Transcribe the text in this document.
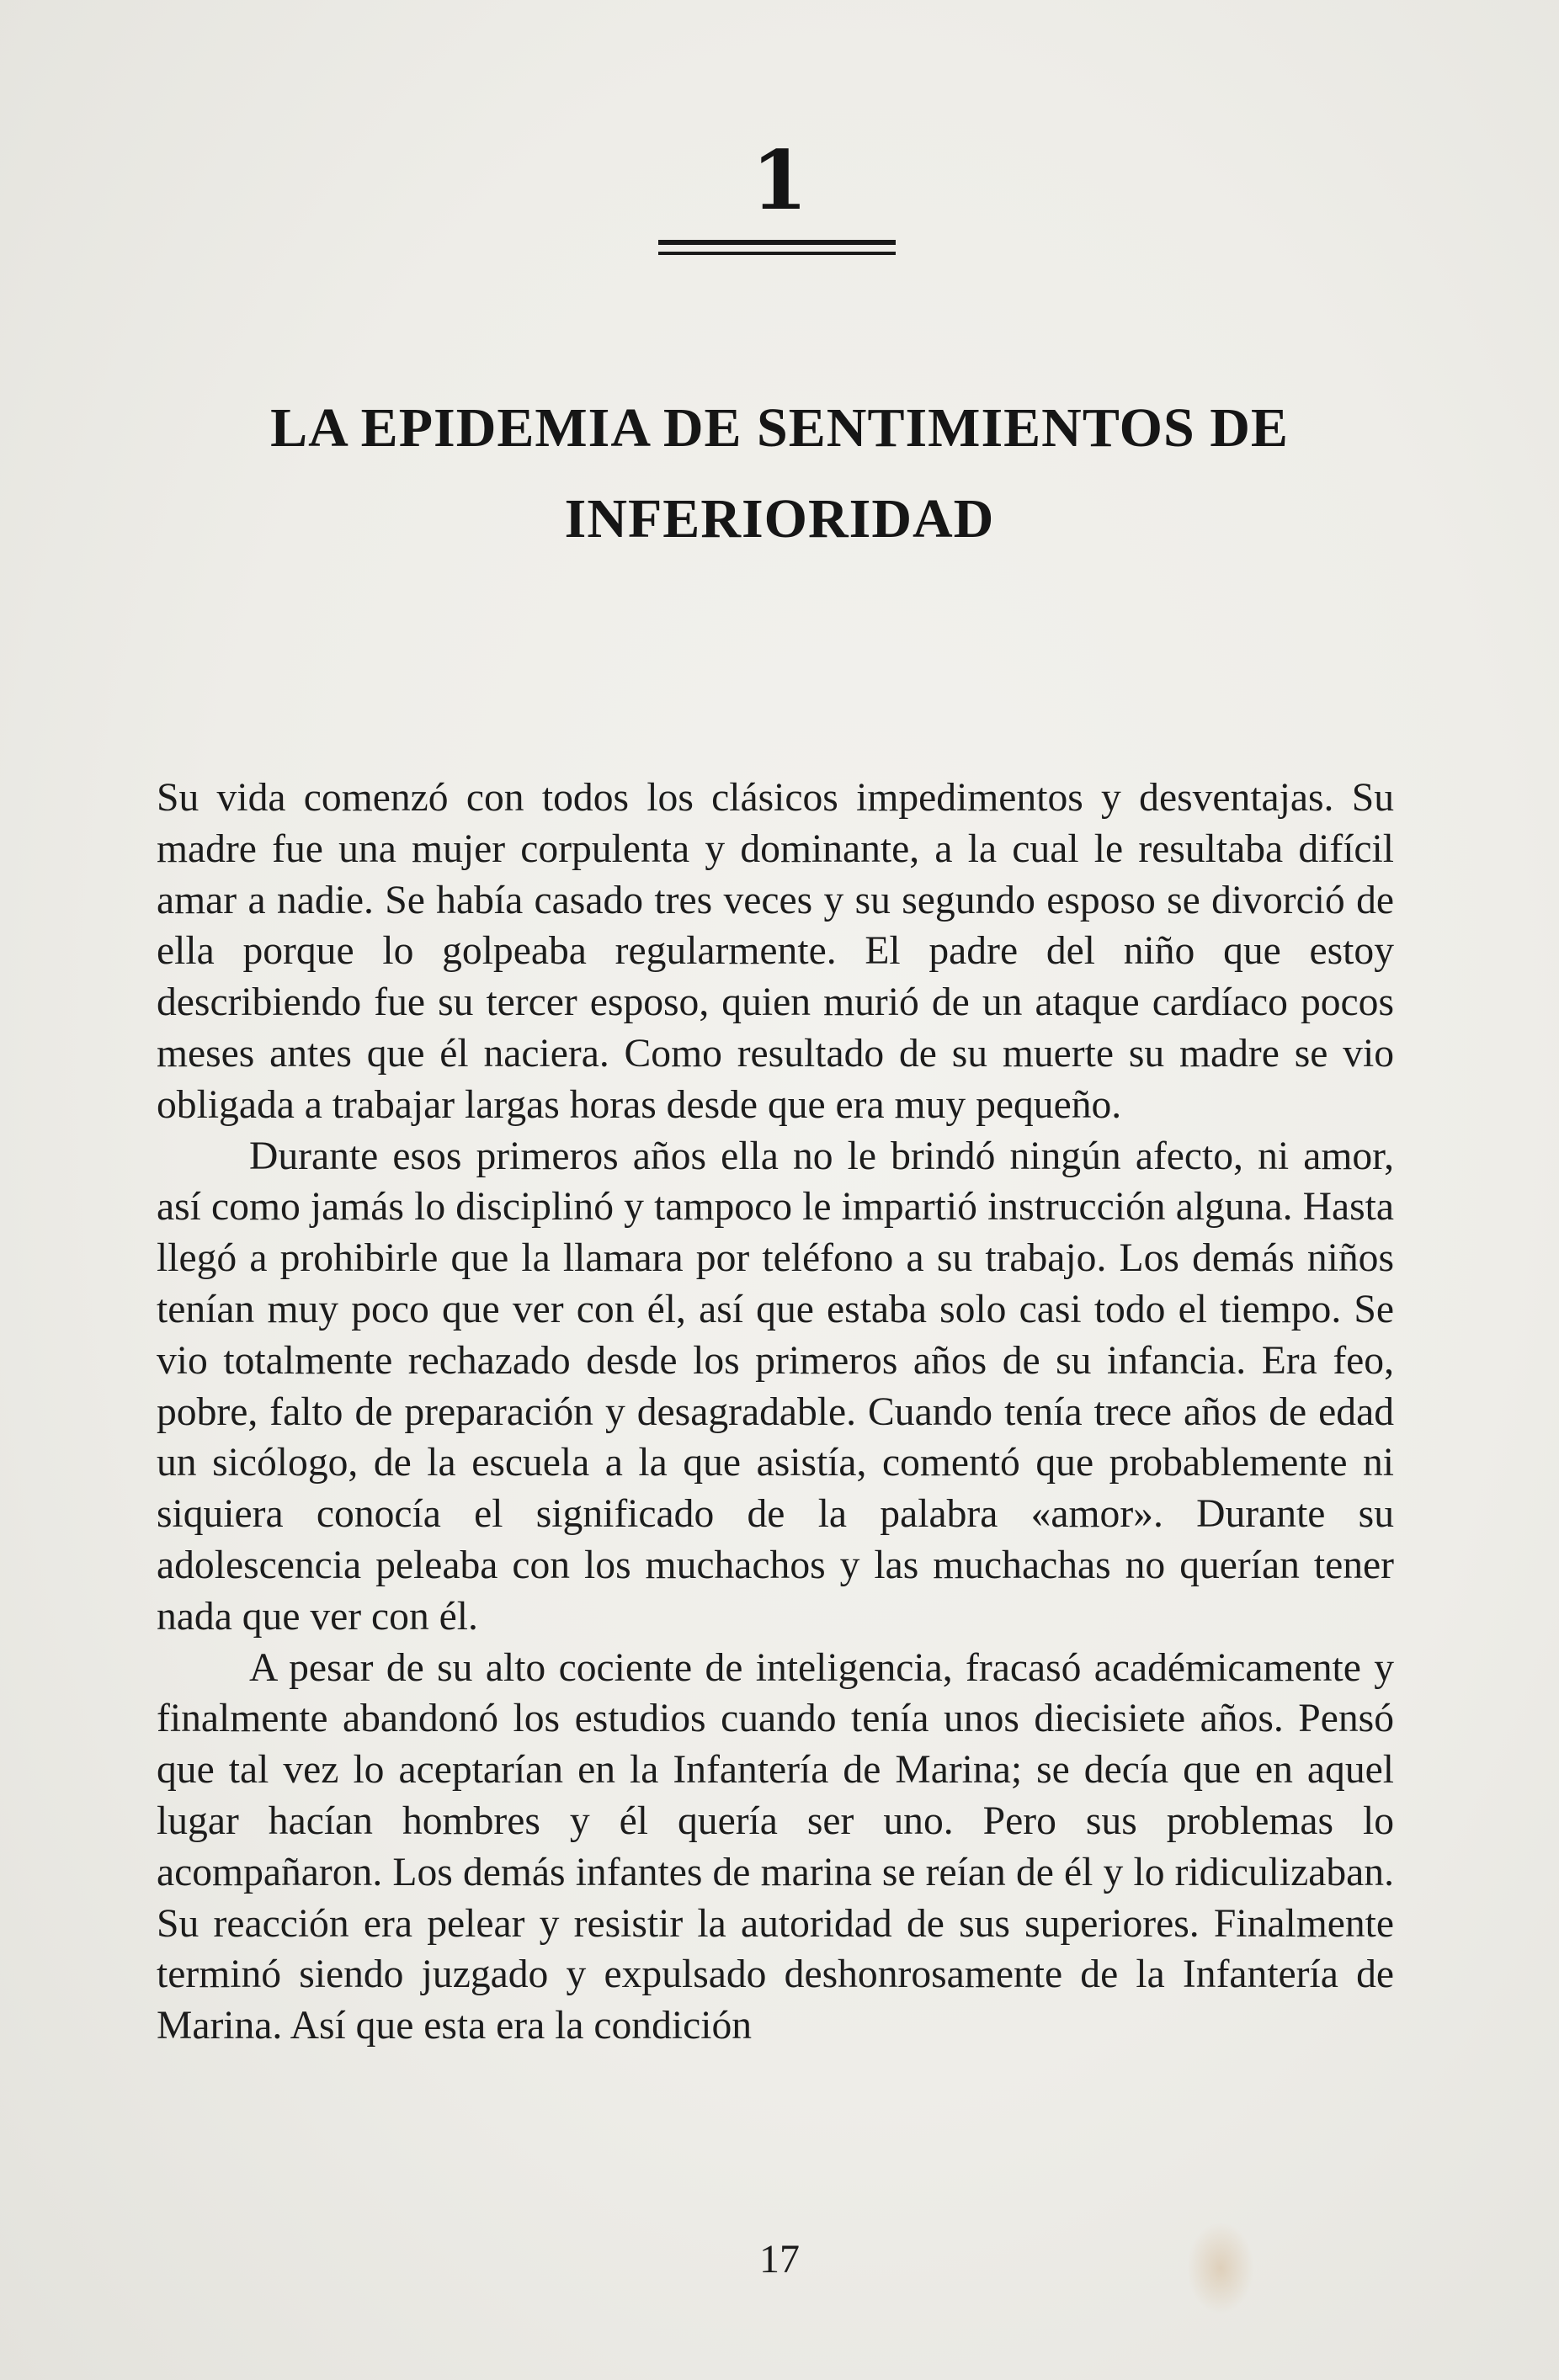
1
LA EPIDEMIA DE SENTIMIENTOS DE INFERIORIDAD

Su vida comenzó con todos los clásicos impedimentos y desventajas. Su madre fue una mujer corpulenta y dominante, a la cual le resultaba difícil amar a nadie. Se había casado tres veces y su segundo esposo se divorció de ella porque lo golpeaba regularmente. El padre del niño que estoy describiendo fue su tercer esposo, quien murió de un ataque cardíaco pocos meses antes que él naciera. Como resultado de su muerte su madre se vio obligada a trabajar largas horas desde que era muy pequeño.

Durante esos primeros años ella no le brindó ningún afecto, ni amor, así como jamás lo disciplinó y tampoco le impartió instrucción alguna. Hasta llegó a prohibirle que la llamara por teléfono a su trabajo. Los demás niños tenían muy poco que ver con él, así que estaba solo casi todo el tiempo. Se vio totalmente rechazado desde los primeros años de su infancia. Era feo, pobre, falto de preparación y desagradable. Cuando tenía trece años de edad un sicólogo, de la escuela a la que asistía, comentó que probablemente ni siquiera conocía el significado de la palabra «amor». Durante su adolescencia peleaba con los muchachos y las muchachas no querían tener nada que ver con él.

A pesar de su alto cociente de inteligencia, fracasó académicamente y finalmente abandonó los estudios cuando tenía unos diecisiete años. Pensó que tal vez lo aceptarían en la Infantería de Marina; se decía que en aquel lugar hacían hombres y él quería ser uno. Pero sus problemas lo acompañaron. Los demás infantes de marina se reían de él y lo ridiculizaban. Su reacción era pelear y resistir la autoridad de sus superiores. Finalmente terminó siendo juzgado y expulsado deshonrosamente de la Infantería de Marina. Así que esta era la condición

17
